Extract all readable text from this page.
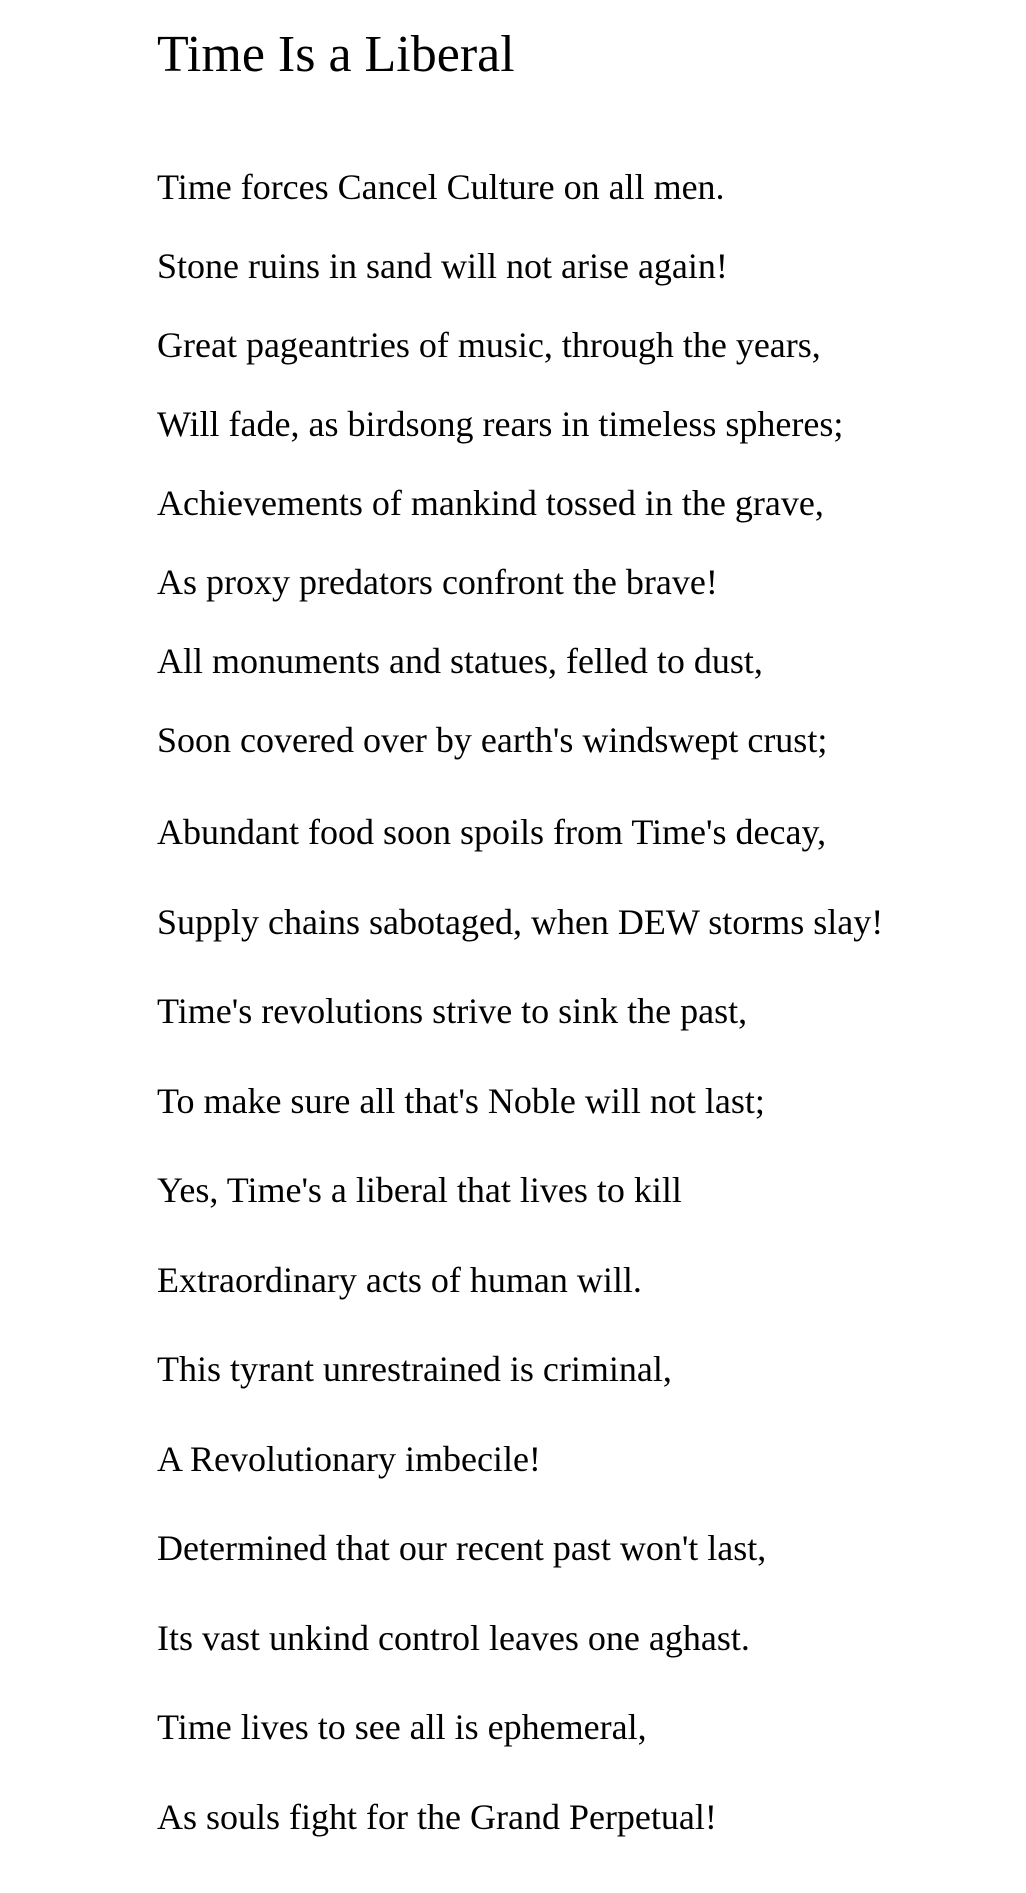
Time Is a Liberal
Time forces Cancel Culture on all men.
Stone ruins in sand will not arise again!
Great pageantries of music, through the years,
Will fade, as birdsong rears in timeless spheres;
Achievements of mankind tossed in the grave,
As proxy predators confront the brave!
All monuments and statues, felled to dust,
Soon covered over by earth's windswept crust;
Abundant food soon spoils from Time's decay,
Supply chains sabotaged, when DEW storms slay!
Time's revolutions strive to sink the past,
To make sure all that's Noble will not last;
Yes, Time's a liberal that lives to kill
Extraordinary acts of human will.
This tyrant unrestrained is criminal,
A Revolutionary imbecile!
Determined that our recent past won't last,
Its vast unkind control leaves one aghast.
Time lives to see all is ephemeral,
As souls fight for the Grand Perpetual!
